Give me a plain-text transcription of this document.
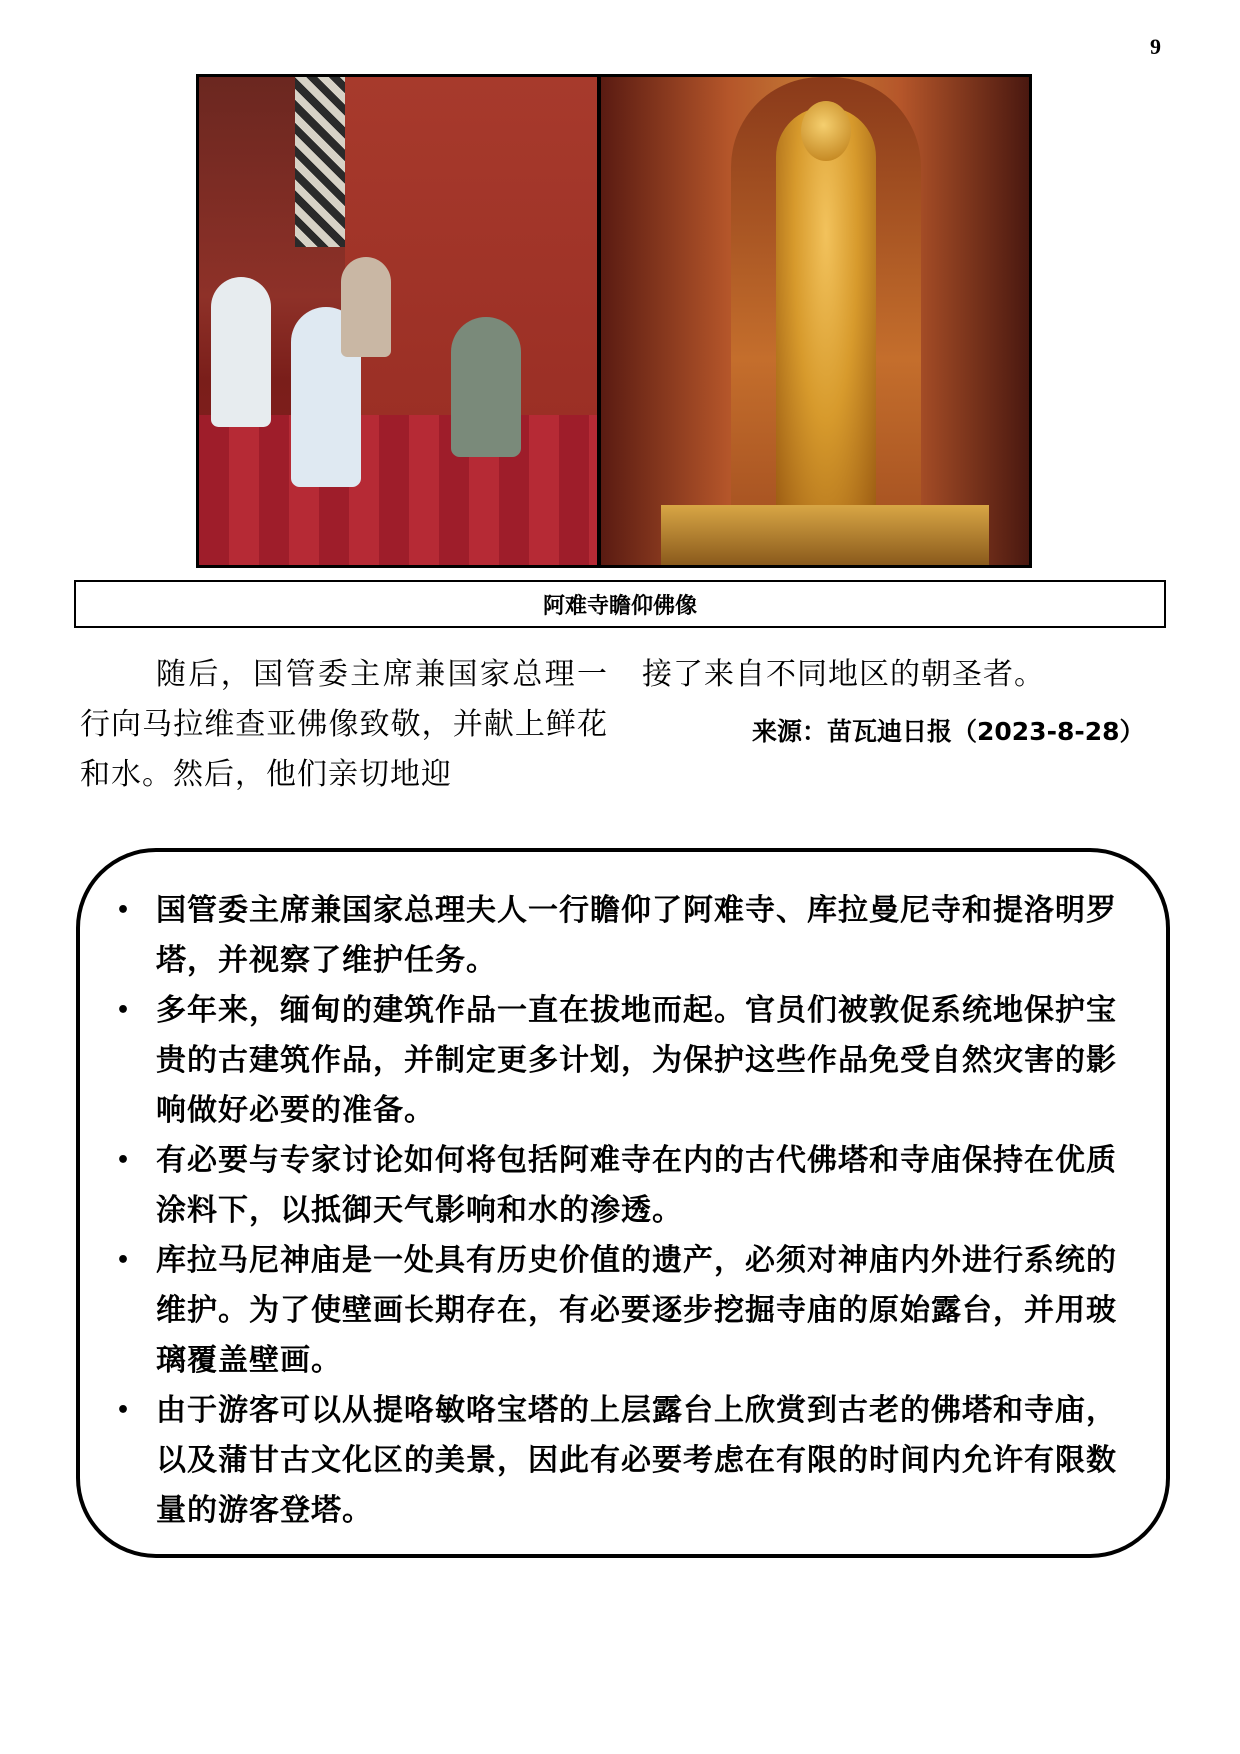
9
阿难寺瞻仰佛像
随后，国管委主席兼国家总理一行向马拉维查亚佛像致敬，并献上鲜花和水。然后，他们亲切地迎
接了来自不同地区的朝圣者。
来源：苗瓦迪日报（2023-8-28）
• 国管委主席兼国家总理夫人一行瞻仰了阿难寺、库拉曼尼寺和提洛明罗塔，并视察了维护任务。
• 多年来，缅甸的建筑作品一直在拔地而起。官员们被敦促系统地保护宝贵的古建筑作品，并制定更多计划，为保护这些作品免受自然灾害的影响做好必要的准备。
• 有必要与专家讨论如何将包括阿难寺在内的古代佛塔和寺庙保持在优质涂料下，以抵御天气影响和水的渗透。
• 库拉马尼神庙是一处具有历史价值的遗产，必须对神庙内外进行系统的维护。为了使壁画长期存在，有必要逐步挖掘寺庙的原始露台，并用玻璃覆盖壁画。
• 由于游客可以从提咯敏咯宝塔的上层露台上欣赏到古老的佛塔和寺庙，以及蒲甘古文化区的美景，因此有必要考虑在有限的时间内允许有限数量的游客登塔。
